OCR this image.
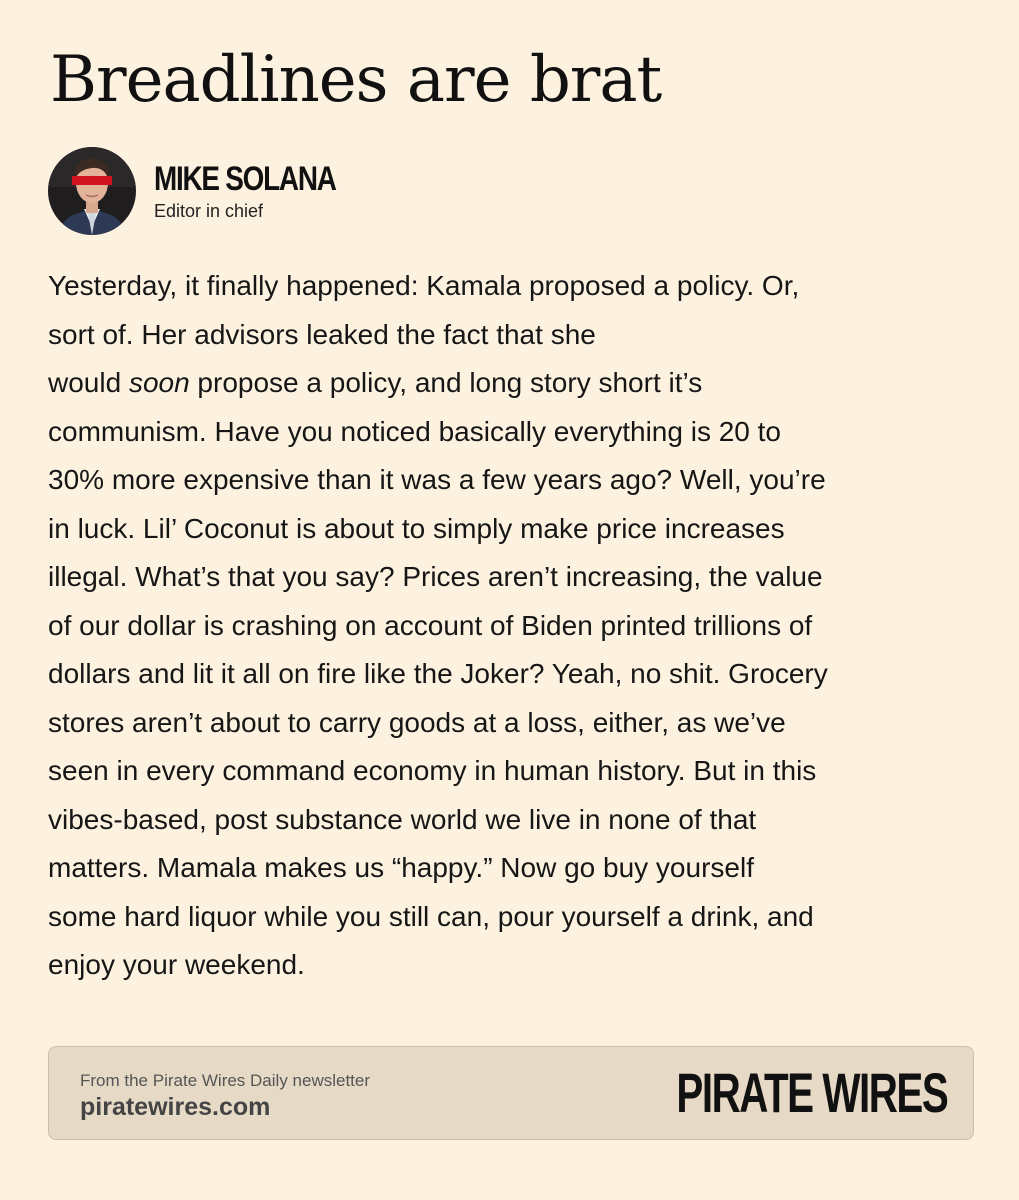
Breadlines are brat
MIKE SOLANA
Editor in chief

Yesterday, it finally happened: Kamala proposed a policy. Or,
sort of. Her advisors leaked the fact that she
would soon propose a policy, and long story short it’s
communism. Have you noticed basically everything is 20 to
30% more expensive than it was a few years ago? Well, you’re
in luck. Lil’ Coconut is about to simply make price increases
illegal. What’s that you say? Prices aren’t increasing, the value
of our dollar is crashing on account of Biden printed trillions of
dollars and lit it all on fire like the Joker? Yeah, no shit. Grocery
stores aren’t about to carry goods at a loss, either, as we’ve
seen in every command economy in human history. But in this
vibes-based, post substance world we live in none of that
matters. Mamala makes us “happy.” Now go buy yourself
some hard liquor while you still can, pour yourself a drink, and
enjoy your weekend.

From the Pirate Wires Daily newsletter
piratewires.com	PIRATE WIRES
